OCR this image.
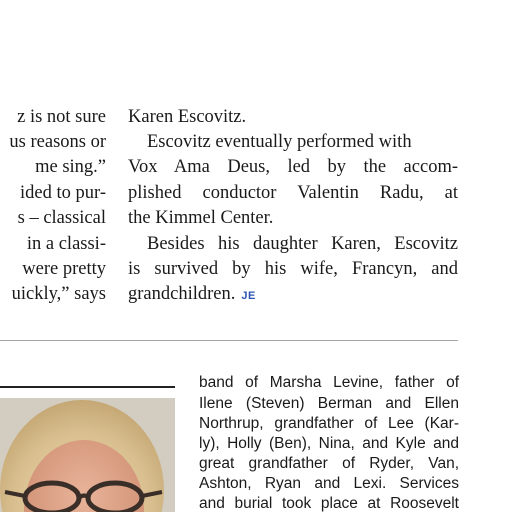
z is not sure
us reasons or
me sing.”
ided to pur-
s – classical
in a classi-
were pretty
uickly,” says
Karen Escovitz.
Escovitz eventually performed with
Vox Ama Deus, led by the accom-
plished conductor Valentin Radu, at
the Kimmel Center.
Besides his daughter Karen, Escovitz
is survived by his wife, Francyn, and
grandchildren. JE
band of Marsha Levine, father of
Ilene (Steven) Berman and Ellen
Northrup, grandfather of Lee (Kar-
ly), Holly (Ben), Nina, and Kyle and
great grandfather of Ryder, Van,
Ashton, Ryan and Lexi. Services
and burial took place at Roosevelt
